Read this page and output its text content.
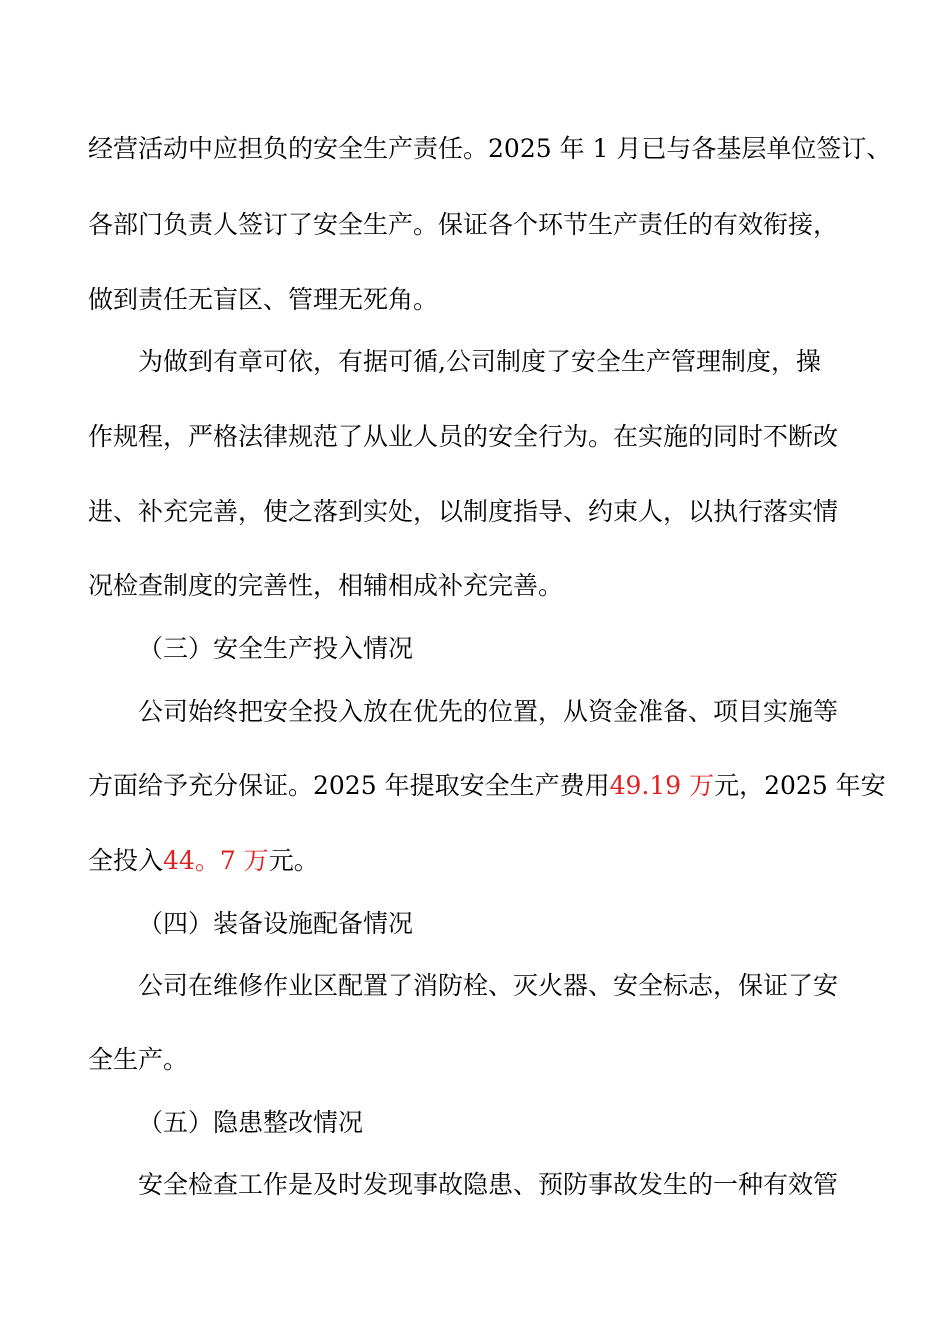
经营活动中应担负的安全生产责任。2025 年 1 月已与各基层单位签订、

各部门负责人签订了安全生产。保证各个环节生产责任的有效衔接，

做到责任无盲区、管理无死角。

为做到有章可依，有据可循,公司制度了安全生产管理制度，操

作规程，严格法律规范了从业人员的安全行为。在实施的同时不断改

进、补充完善，使之落到实处，以制度指导、约束人，以执行落实情

况检查制度的完善性，相辅相成补充完善。

（三）安全生产投入情况

公司始终把安全投入放在优先的位置，从资金准备、项目实施等

方面给予充分保证。2025 年提取安全生产费用49.19 万元，2025 年安

全投入44。7 万元。

（四）装备设施配备情况

公司在维修作业区配置了消防栓、灭火器、安全标志，保证了安

全生产。

（五）隐患整改情况

安全检查工作是及时发现事故隐患、预防事故发生的一种有效管
